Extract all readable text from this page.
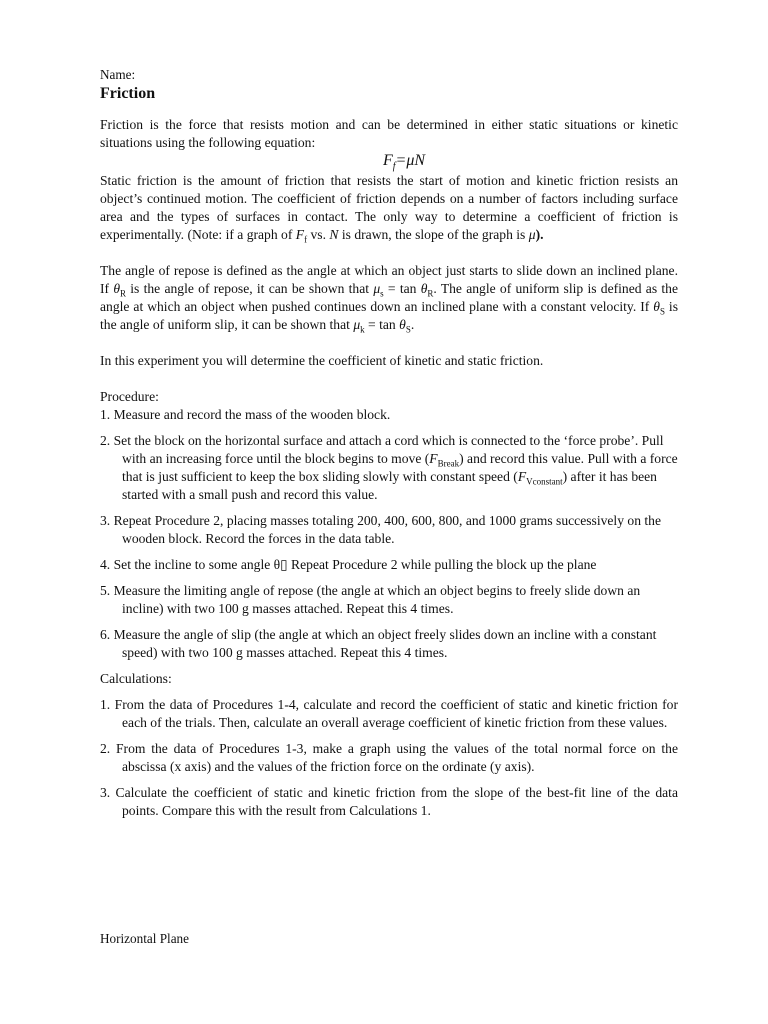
Name:
Friction

Friction is the force that resists motion and can be determined in either static situations or kinetic situations using the following equation:

$F_f=\mu N$

Static friction is the amount of friction that resists the start of motion and kinetic friction resists an object’s continued motion. The coefficient of friction depends on a number of factors including surface area and the types of surfaces in contact. The only way to determine a coefficient of friction is experimentally. (Note: if a graph of $F_f$ vs. N is drawn, the slope of the graph is μ).

The angle of repose is defined as the angle at which an object just starts to slide down an inclined plane. If $\theta_R$ is the angle of repose, it can be shown that $\mu_s = \tan \theta_R$. The angle of uniform slip is defined as the angle at which an object when pushed continues down an inclined plane with a constant velocity. If $\theta_S$ is the angle of uniform slip, it can be shown that $\mu_k = \tan \theta_S$.

In this experiment you will determine the coefficient of kinetic and static friction.

Procedure:

1. Measure and record the mass of the wooden block.
2. Set the block on the horizontal surface and attach a cord which is connected to the ‘force probe’. Pull with an increasing force until the block begins to move $(F_{Break})$ and record this value. Pull with a force that is just sufficient to keep the box sliding slowly with constant speed $(F_{Vconstant})$ after it has been started with a small push and record this value.
3. Repeat Procedure 2, placing masses totaling 200, 400, 600, 800, and 1000 grams successively on the wooden block. Record the forces in the data table.
4. Set the incline to some angle θ▯ Repeat Procedure 2 while pulling the block up the plane
5. Measure the limiting angle of repose (the angle at which an object begins to freely slide down an incline) with two 100 g masses attached. Repeat this 4 times.
6. Measure the angle of slip (the angle at which an object freely slides down an incline with a constant speed) with two 100 g masses attached. Repeat this 4 times.

Calculations:

1. From the data of Procedures 1-4, calculate and record the coefficient of static and kinetic friction for each of the trials. Then, calculate an overall average coefficient of kinetic friction from these values.
2. From the data of Procedures 1-3, make a graph using the values of the total normal force on the abscissa (x axis) and the values of the friction force on the ordinate (y axis).
3. Calculate the coefficient of static and kinetic friction from the slope of the best-fit line of the data points. Compare this with the result from Calculations 1.
Horizontal Plane
